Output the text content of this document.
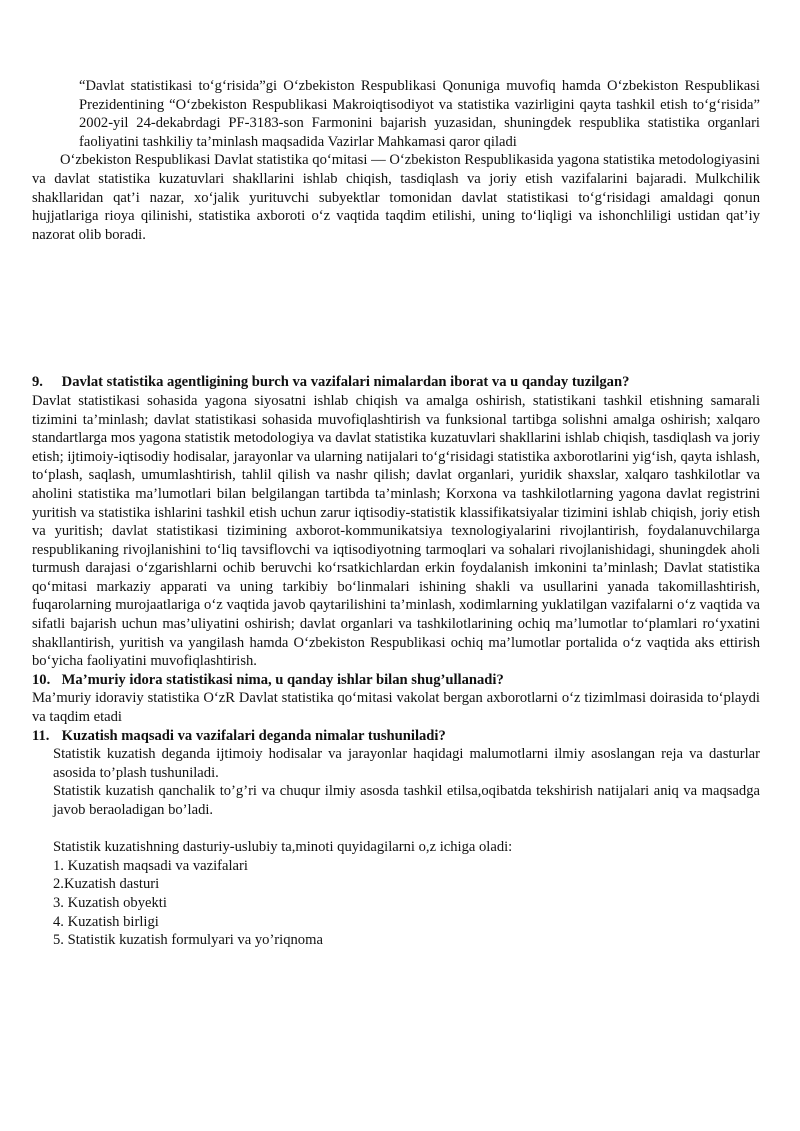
“Davlat statistikasi to‘g‘risida”gi O‘zbekiston Respublikasi Qonuniga muvofiq hamda O‘zbekiston Respublikasi Prezidentining “O‘zbekiston Respublikasi Makroiqtisodiyot va statistika vazirligini qayta tashkil etish to‘g‘risida” 2002-yil 24-dekabrdagi PF-3183-son Farmonini bajarish yuzasidan, shuningdek respublika statistika organlari faoliyatini tashkiliy ta’minlash maqsadida Vazirlar Mahkamasi qaror qiladi

O‘zbekiston Respublikasi Davlat statistika qo‘mitasi — O‘zbekiston Respublikasida yagona statistika metodologiyasini va davlat statistika kuzatuvlari shakllarini ishlab chiqish, tasdiqlash va joriy etish vazifalarini bajaradi. Mulkchilik shakllaridan qat’i nazar, xo‘jalik yurituvchi subyektlar tomonidan davlat statistikasi to‘g‘risidagi amaldagi qonun hujjatlariga rioya qilinishi, statistika axboroti o‘z vaqtida taqdim etilishi, uning to‘liqligi va ishonchliligi ustidan qat’iy nazorat olib boradi.

9. Davlat statistika agentligining burch va vazifalari nimalardan iborat va u qanday tuzilgan?

Davlat statistikasi sohasida yagona siyosatni ishlab chiqish va amalga oshirish, statistikani tashkil etishning samarali tizimini ta’minlash; davlat statistikasi sohasida muvofiqlashtirish va funksional tartibga solishni amalga oshirish; xalqaro standartlarga mos yagona statistik metodologiya va davlat statistika kuzatuvlari shakllarini ishlab chiqish, tasdiqlash va joriy etish; ijtimoiy-iqtisodiy hodisalar, jarayonlar va ularning natijalari to‘g‘risidagi statistika axborotlarini yig‘ish, qayta ishlash, to‘plash, saqlash, umumlashtirish, tahlil qilish va nashr qilish; davlat organlari, yuridik shaxslar, xalqaro tashkilotlar va aholini statistika ma’lumotlari bilan belgilangan tartibda ta’minlash; Korxona va tashkilotlarning yagona davlat registrini yuritish va statistika ishlarini tashkil etish uchun zarur iqtisodiy-statistik klassifikatsiyalar tizimini ishlab chiqish, joriy etish va yuritish; davlat statistikasi tizimining axborot-kommunikatsiya texnologiyalarini rivojlantirish, foydalanuvchilarga respublikaning rivojlanishini to‘liq tavsiflovchi va iqtisodiyotning tarmoqlari va sohalari rivojlanishidagi, shuningdek aholi turmush darajasi o‘zgarishlarni ochib beruvchi ko‘rsatkichlardan erkin foydalanish imkonini ta’minlash; Davlat statistika qo‘mitasi markaziy apparati va uning tarkibiy bo‘linmalari ishining shakli va usullarini yanada takomillashtirish, fuqarolarning murojaatlariga o‘z vaqtida javob qaytarilishini ta’minlash, xodimlarning yuklatilgan vazifalarni o‘z vaqtida va sifatli bajarish uchun mas’uliyatini oshirish; davlat organlari va tashkilotlarining ochiq ma’lumotlar to‘plamlari ro‘yxatini shakllantirish, yuritish va yangilash hamda O‘zbekiston Respublikasi ochiq ma’lumotlar portalida o‘z vaqtida aks ettirish bo‘yicha faoliyatini muvofiqlashtirish.

10. Ma’muriy idora statistikasi nima, u qanday ishlar bilan shug’ullanadi?

Ma’muriy idoraviy statistika O‘zR Davlat statistika qo‘mitasi vakolat bergan axborotlarni o‘z tizimlmasi doirasida to‘playdi va taqdim etadi

11. Kuzatish maqsadi va vazifalari deganda nimalar tushuniladi?

Statistik kuzatish deganda ijtimoiy hodisalar va jarayonlar haqidagi malumotlarni ilmiy asoslangan reja va dasturlar asosida to’plash tushuniladi.

Statistik kuzatish qanchalik to’g’ri va chuqur ilmiy asosda tashkil etilsa,oqibatda tekshirish natijalari aniq va maqsadga javob beraoladigan bo’ladi.

Statistik kuzatishning dasturiy-uslubiy ta,minoti quyidagilarni o,z ichiga oladi:

1. Kuzatish maqsadi va vazifalari

2.Kuzatish dasturi

3. Kuzatish obyekti

4. Kuzatish birligi

5. Statistik kuzatish formulyari va yo’riqnoma
